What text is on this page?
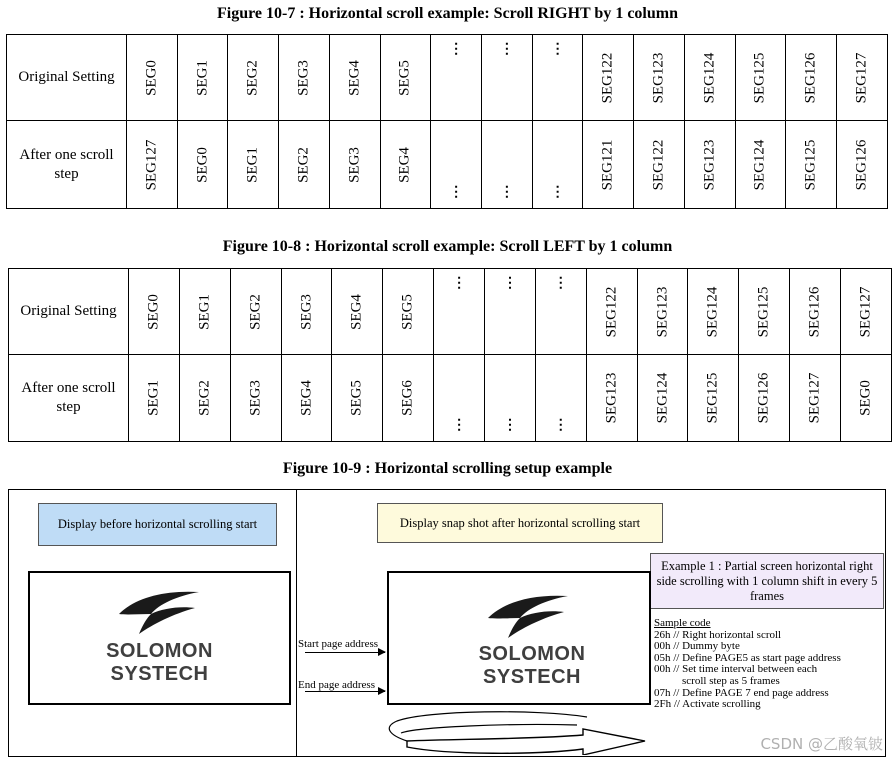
Figure 10-7 : Horizontal scroll example: Scroll RIGHT by 1 column
Original Setting	SEG0	SEG1	SEG2	SEG3	SEG4	SEG5	⋮	⋮	⋮	SEG122	SEG123	SEG124	SEG125	SEG126	SEG127

After one scroll step	SEG127	SEG0	SEG1	SEG2	SEG3	SEG4	⋮	⋮	⋮	SEG121	SEG122	SEG123	SEG124	SEG125	SEG126
Figure 10-8 : Horizontal scroll example: Scroll LEFT by 1 column
Original Setting	SEG0	SEG1	SEG2	SEG3	SEG4	SEG5	⋮	⋮	⋮	SEG122	SEG123	SEG124	SEG125	SEG126	SEG127

After one scroll step	SEG1	SEG2	SEG3	SEG4	SEG5	SEG6	⋮	⋮	⋮	SEG123	SEG124	SEG125	SEG126	SEG127	SEG0
Figure 10-9 : Horizontal scrolling setup example
Display before horizontal scrolling start	Display snap shot after horizontal scrolling start
Example 1 : Partial screen horizontal right side scrolling with 1 column shift in every 5 frames
SOLOMON
SYSTECH
SOLOMON
SYSTECH
Start page address
End page address
Sample code
26h // Right horizontal scroll
00h // Dummy byte
05h // Define PAGE5 as start page address
00h // Set time interval between each
scroll step as 5 frames
07h // Define PAGE 7 end page address
2Fh // Activate scrolling
CSDN @乙酸氧铍
